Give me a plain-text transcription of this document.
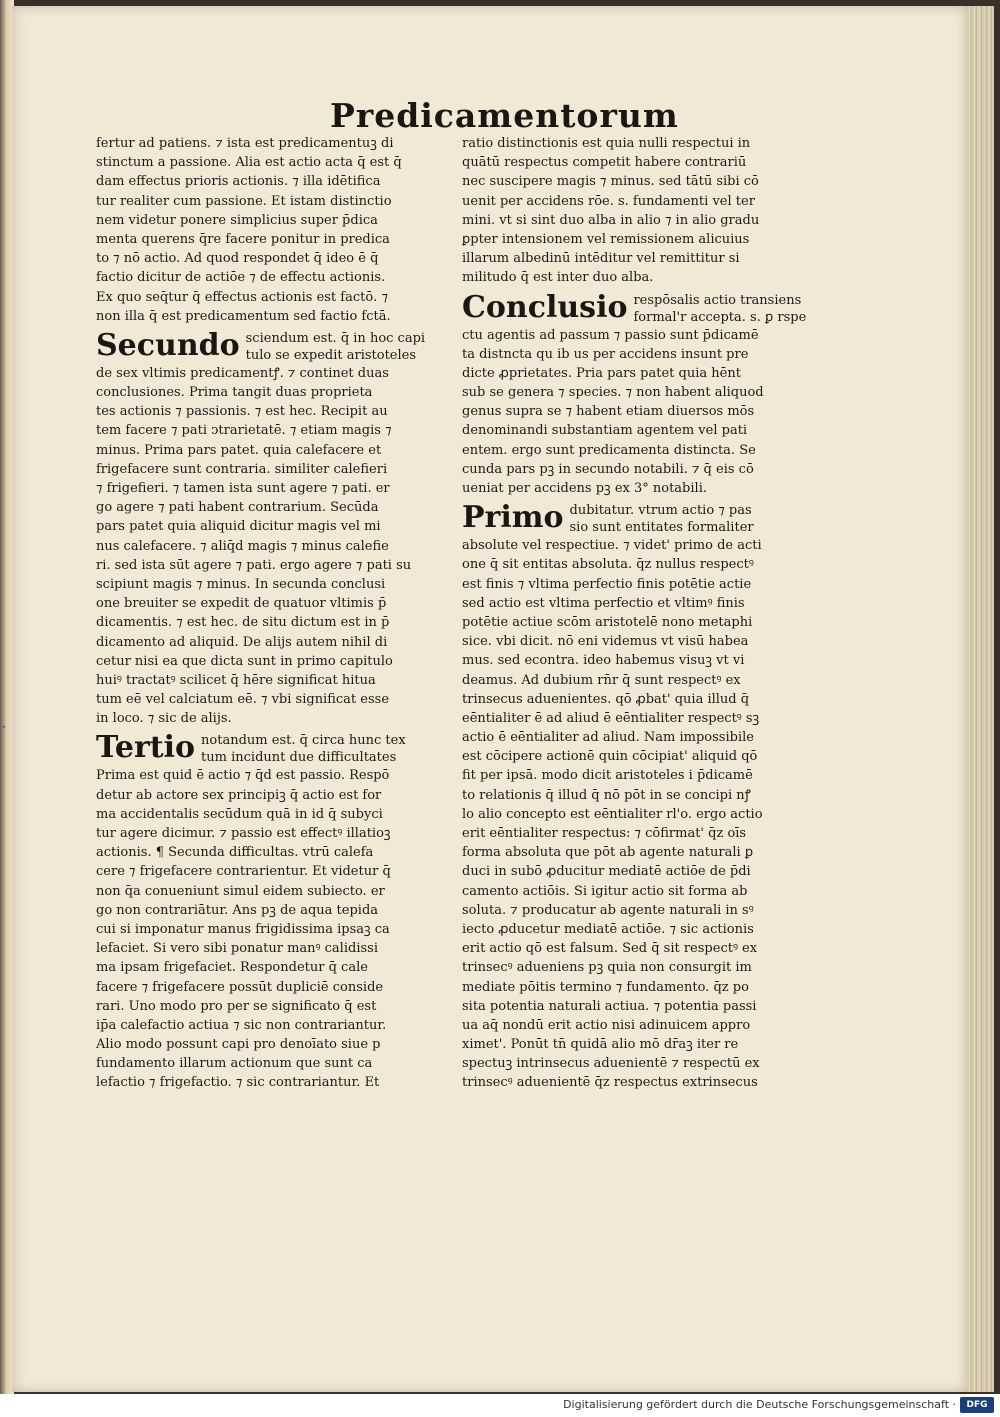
·
Predicamentorum
fertur ad patiens. ⁊ ista est predicamentuꝫ di
stinctum a passione. Alia est actio acta q̄ est q̄
dam effectus prioris actionis. ⁊ illa idētifica
tur realiter cum passione. Et istam distinctio
nem videtur ponere simplicius super p̄dica
menta querens q̄re facere ponitur in predica
to ⁊ nō actio. Ad quod respondet q̄ ideo ē q̄
factio dicitur de actiōe ⁊ de effectu actionis.
Ex quo seq̄tur q̄ effectus actionis est factō. ⁊
non illa q̄ est predicamentum sed factio fctā.
Secundo sciendum est. q̄ in hoc capi
tulo se expedit aristoteles
de sex vltimis predicamentꝭ. ⁊ continet duas
conclusiones. Prima tangit duas proprieta
tes actionis ⁊ passionis. ⁊ est hec. Recipit au
tem facere ⁊ pati ↄtrarietatē. ⁊ etiam magis ⁊
minus. Prima pars patet. quia calefacere et
frigefacere sunt contraria. similiter calefieri
⁊ frigefieri. ⁊ tamen ista sunt agere ⁊ pati. er
go agere ⁊ pati habent contrarium. Secūda
pars patet quia aliquid dicitur magis vel mi
nus calefacere. ⁊ aliq̄d magis ⁊ minus calefie
ri. sed ista sūt agere ⁊ pati. ergo agere ⁊ pati su
scipiunt magis ⁊ minus. In secunda conclusi
one breuiter se expedit de quatuor vltimis p̄
dicamentis. ⁊ est hec. de situ dictum est in p̄
dicamento ad aliquid. De alijs autem nihil di
cetur nisi ea que dicta sunt in primo capitulo
huiꝰ tractatꝰ scilicet q̄ hēre significat hitua
tum eē vel calciatum eē. ⁊ vbi significat esse
in loco. ⁊ sic de alijs.
Tertio notandum est. q̄ circa hunc tex
tum incidunt due difficultates
Prima est quid ē actio ⁊ q̄d est passio. Respō
detur ab actore sex principiꝫ q̄ actio est for
ma accidentalis secūdum quā in id q̄ subyci
tur agere dicimur. ⁊ passio est effectꝰ illatioꝫ
actionis. ¶ Secunda difficultas. vtrū calefa
cere ⁊ frigefacere contrarientur. Et videtur q̄
non q̄a conueniunt simul eidem subiecto. er
go non contrariātur. Ans pꝫ de aqua tepida
cui si imponatur manus frigidissima ipsaꝫ ca
lefaciet. Si vero sibi ponatur manꝰ calidissi
ma ipsam frigefaciet. Respondetur q̄ cale
facere ⁊ frigefacere possūt dupliciē conside
rari. Uno modo pro per se significato q̄ est
ip̄a calefactio actiua ⁊ sic non contrariantur.
Alio modo possunt capi pro denoīato siue p
fundamento illarum actionum que sunt ca
lefactio ⁊ frigefactio. ⁊ sic contrariantur. Et
ratio distinctionis est quia nulli respectui in
quātū respectus competit habere contrariū
nec suscipere magis ⁊ minus. sed tātū sibi cō
uenit per accidens rōe. s. fundamenti vel ter
mini. vt si sint duo alba in alio ⁊ in alio gradu
ꝑpter intensionem vel remissionem alicuius
illarum albedinū intēditur vel remittitur si
militudo q̄ est inter duo alba.
Conclusio respōsalis actio transiens
formal'r accepta. s. ꝑ rspe
ctu agentis ad passum ⁊ passio sunt p̄dicamē
ta distncta qu ib us per accidens insunt pre
dicte ꝓprietates. Pria pars patet quia hēnt
sub se genera ⁊ species. ⁊ non habent aliquod
genus supra se ⁊ habent etiam diuersos mōs
denominandi substantiam agentem vel pati
entem. ergo sunt predicamenta distincta. Se
cunda pars pꝫ in secundo notabili. ⁊ q̄ eis cō
ueniat per accidens pꝫ ex 3° notabili.
Primo dubitatur. vtrum actio ⁊ pas
sio sunt entitates formaliter
absolute vel respectiue. ⁊ videt' primo de acti
one q̄ sit entitas absoluta. q̄z nullus respectꝰ
est finis ⁊ vltima perfectio finis potētie actie
sed actio est vltima perfectio et vltimꝰ finis
potētie actiue scōm aristotelē nono metaphi
sice. vbi dicit. nō eni videmus vt visū habea
mus. sed econtra. ideo habemus visuꝫ vt vi
deamus. Ad dubium rn̄r q̄ sunt respectꝰ ex
trinsecus aduenientes. qō ꝓbat' quia illud q̄
eēntialiter ē ad aliud ē eēntialiter respectꝰ sꝫ
actio ē eēntialiter ad aliud. Nam impossibile
est cōcipere actionē quin cōcipiat' aliquid qō
fit per ipsā. modo dicit aristoteles i p̄dicamē
to relationis q̄ illud q̄ nō pōt in se concipi nꝭ
lo alio concepto est eēntialiter rl'o. ergo actio
erit eēntialiter respectus: ⁊ cōfirmat' q̄z oīs
forma absoluta que pōt ab agente naturali ꝑ
duci in subō ꝓducitur mediatē actiōe de p̄di
camento actiōis. Si igitur actio sit forma ab
soluta. ⁊ producatur ab agente naturali in sꝰ
iecto ꝓducetur mediatē actiōe. ⁊ sic actionis
erit actio qō est falsum. Sed q̄ sit respectꝰ ex
trinsecꝰ adueniens pꝫ quia non consurgit im
mediate pōitis termino ⁊ fundamento. q̄z po
sita potentia naturali actiua. ⁊ potentia passi
ua aq̄ nondū erit actio nisi adinuicem appro
ximet'. Ponūt tn̄ quidā alio mō dr̄aꝫ iter re
spectuꝫ intrinsecus aduenientē ⁊ respectū ex
trinsecꝰ aduenientē q̄z respectus extrinsecus
Digitalisierung gefördert durch die Deutsche Forschungsgemeinschaft ·	DFG
